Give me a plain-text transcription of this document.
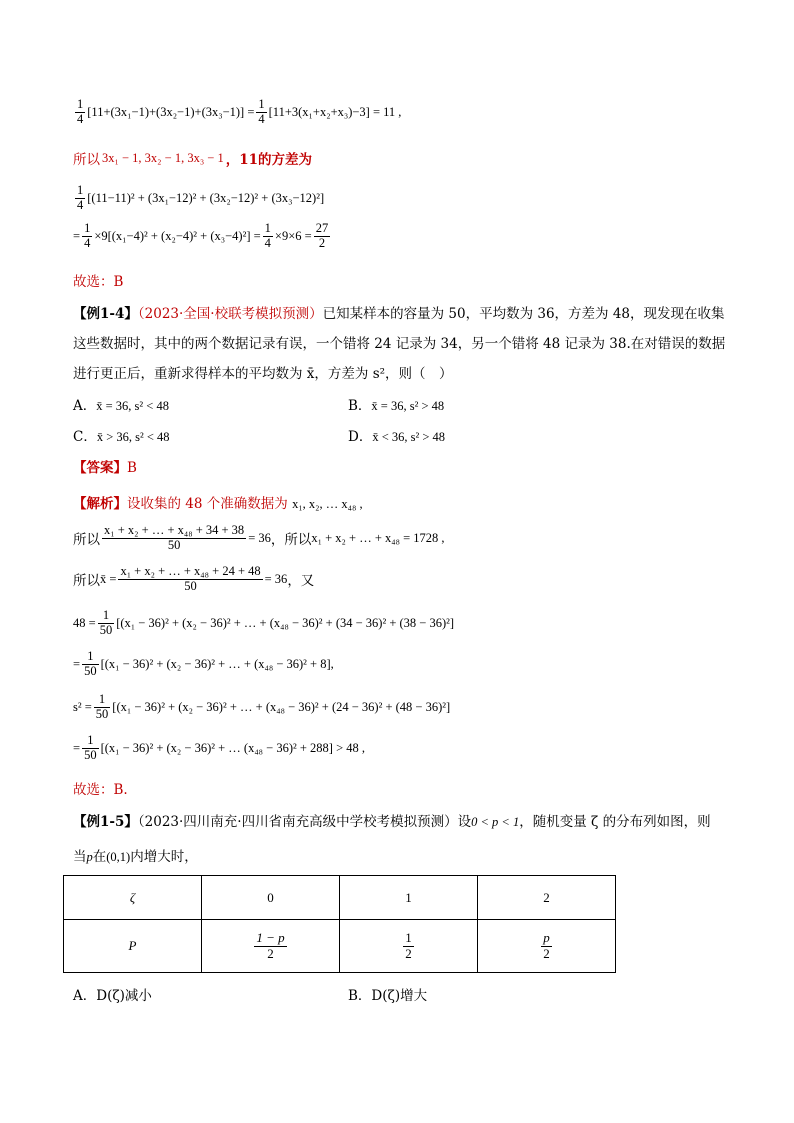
$\frac{1}{4} [11+(3x_1-1)+(3x_2-1)+(3x_3-1)] = \frac{1}{4} [11+3(x_1+x_2+x_3)-3] = 11$ ,
所以 3x₁ − 1, 3x₂ − 1, 3x₃ − 1 ，11的方差为
$\frac{1}{4} [(11-11)^2 + (3x_1-12)^2 + (3x_2-12)^2 + (3x_3-12)^2]$
= $\frac{1}{4} \times 9[(x_1-4)^2 + (x_2-4)^2 + (x_3-4)^2] = \frac{1}{4} \times 9\times 6 = \frac{27}{2}$
故选：B
【例1-4】（2023·全国·校联考模拟预测）已知某样本的容量为 50，平均数为 36，方差为 48，现发现在收集
这些数据时，其中的两个数据记录有误，一个错将 24 记录为 34，另一个错将 48 记录为 38.在对错误的数据
进行更正后，重新求得样本的平均数为 x̄，方差为 s²，则（　）
A．x̄ = 36, s² < 48	B．x̄ = 36, s² > 48
C．x̄ > 36, s² < 48	D．x̄ < 36, s² > 48
【答案】B
【解析】设收集的 48 个准确数据为 x₁, x₂, … x₄₈ ,
所以 $\frac{\text{x₁ + x₂ + … + x₄₈ + 34 + 38}}{50} = 36$ ，所以 x₁ + x₂ + … + x₄₈ = 1728 ,
所以 x̄ = $\frac{\text{x₁ + x₂ + … + x₄₈ + 24 + 48}}{50} = 36$ ，又
$48 = \frac{1}{50} [(x_1 - 36)^2 + (x_2 - 36)^2$ + … + (x₄₈ − 36)² + (34 − 36)² + (38 − 36)²]
= $\frac{1}{50} [(x_1 - 36)^2 + (x_2 - 36)^2$ + … + (x₄₈ − 36)² + 8],
$s^2 = \frac{1}{50} [(x_1 - 36)^2 + (x_2 - 36)^2$ + … + (x₄₈ − 36)² + (24 − 36)² + (48 − 36)²]
= $\frac{1}{50} [(x_1 - 36)^2 + (x_2 - 36)^2$ + … (x₄₈ − 36)² + 288] > 48 ,
故选：B.
【例1-5】（2023·四川南充·四川省南充高级中学校考模拟预测）设0 < p < 1，随机变量 ζ 的分布列如图，则
当p在(0,1)内增大时，
ζ	0	1	2
P	$\frac{1 - p}{2}$	$\frac{1}{2}$	$\frac{p}{2}$
A．D(ζ)减小	B．D(ζ)增大
